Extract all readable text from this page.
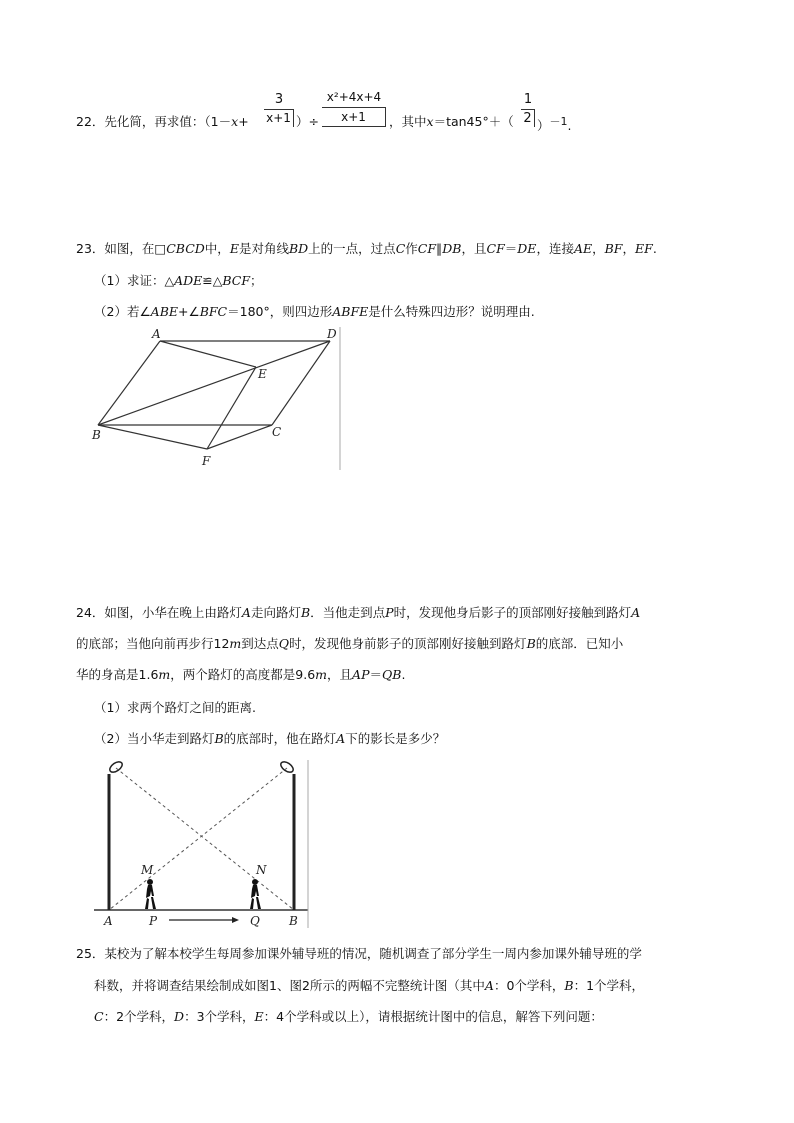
22．先化简，再求值：（$1-x+ \frac{3}{x+1}$ ）÷ $\frac{\text{x²+4x+4}}{x+1}$ ，其中$x=\tan 45^\circ+( \frac{1}{2} )^{-1}$.
23．如图，在□CBCD中，E是对角线BD上的一点，过点C作CF∥DB，且CF＝DE，连接AE，BF，EF.
（1）求证：△ADE≌△BCF；
（2）若∠ABE+∠BFC＝180°，则四边形ABFE是什么特殊四边形？说明理由.
A	D
E
B	C
F
24．如图，小华在晚上由路灯A走向路灯B．当他走到点P时，发现他身后影子的顶部刚好接触到路灯A
的底部；当他向前再步行12m到达点Q时，发现他身前影子的顶部刚好接触到路灯B的底部．已知小
华的身高是1.6m，两个路灯的高度都是9.6m，且AP＝QB.
（1）求两个路灯之间的距离.
（2）当小华走到路灯B的底部时，他在路灯A下的影长是多少？
M	N
A	P	Q B
25．某校为了解本校学生每周参加课外辅导班的情况，随机调查了部分学生一周内参加课外辅导班的学
科数，并将调查结果绘制成如图1、图2所示的两幅不完整统计图（其中A：0个学科，B：1个学科，
C：2个学科，D：3个学科，E：4个学科或以上），请根据统计图中的信息，解答下列问题：
